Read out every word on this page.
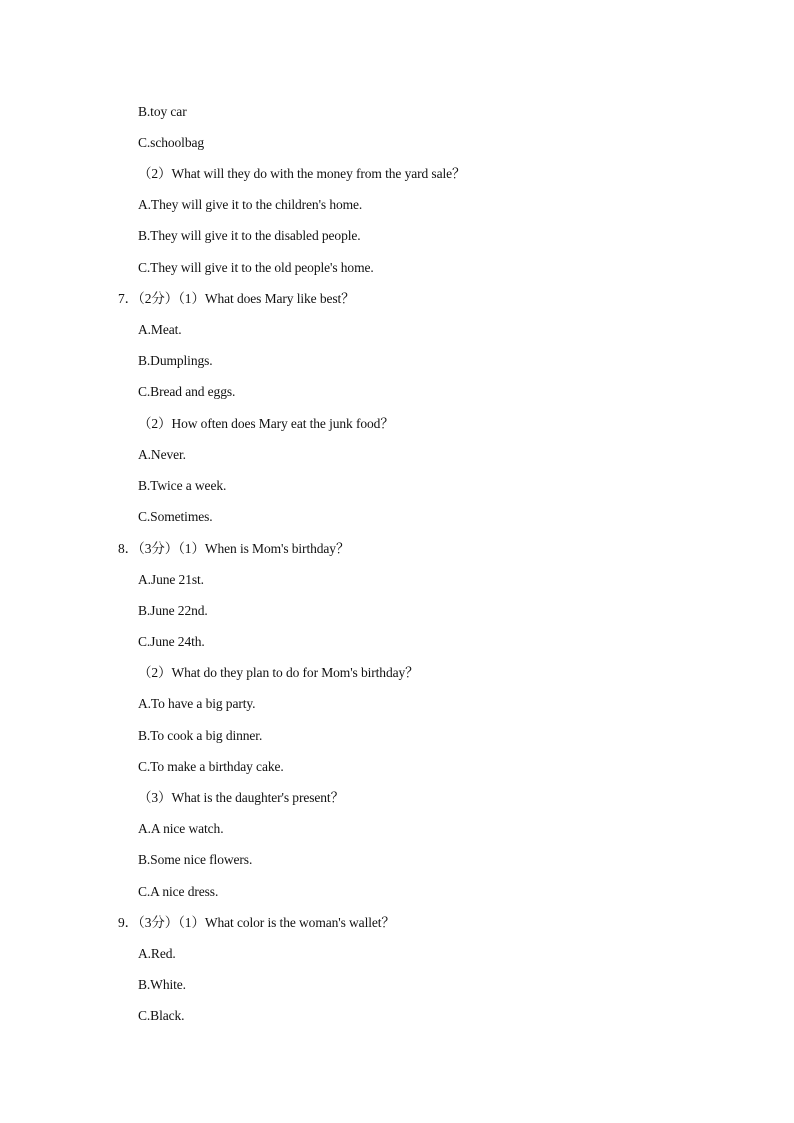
B.toy car
C.schoolbag
（2）What will they do with the money from the yard sale？
A.They will give it to the children's home.
B.They will give it to the disabled people.
C.They will give it to the old people's home.
7．（2分）（1）What does Mary like best？
A.Meat.
B.Dumplings.
C.Bread and eggs.
（2）How often does Mary eat the junk food？
A.Never.
B.Twice a week.
C.Sometimes.
8．（3分）（1）When is Mom's birthday？
A.June 21st.
B.June 22nd.
C.June 24th.
（2）What do they plan to do for Mom's birthday？
A.To have a big party.
B.To cook a big dinner.
C.To make a birthday cake.
（3）What is the daughter's present？
A.A nice watch.
B.Some nice flowers.
C.A nice dress.
9．（3分）（1）What color is the woman's wallet？
A.Red.
B.White.
C.Black.
